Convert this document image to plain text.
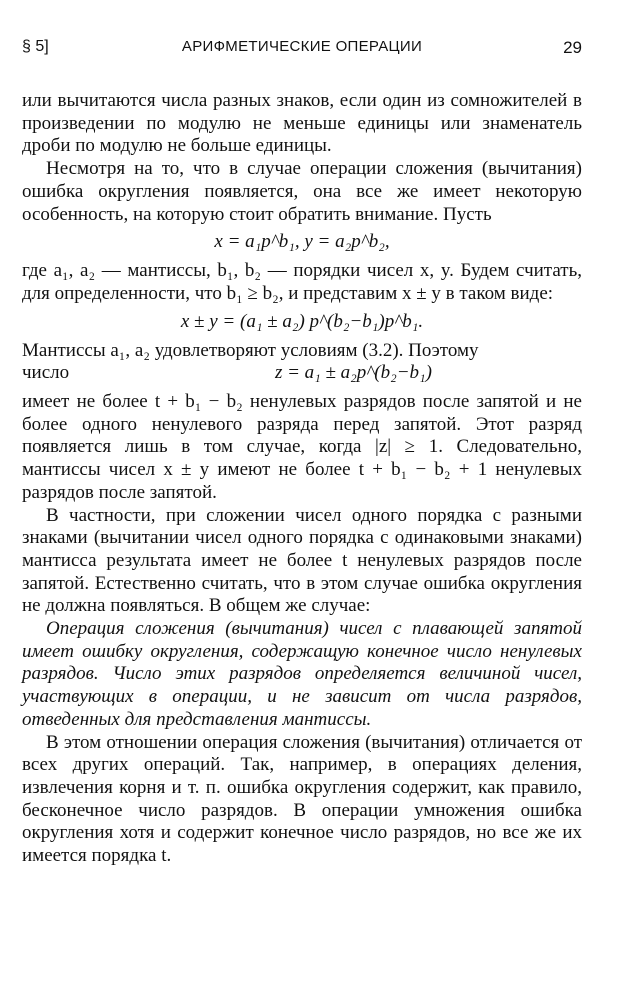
§ 5]	АРИФМЕТИЧЕСКИЕ ОПЕРАЦИИ	29

или вычитаются числа разных знаков, если один из сомножителей в произведении по модулю не меньше единицы или знаменатель дроби по модулю не больше единицы.

Несмотря на то, что в случае операции сложения (вычитания) ошибка округления появляется, она все же имеет некоторую особенность, на которую стоит обратить внимание. Пусть

x = a₁p^b₁, y = a₂p^b₂,

где a₁, a₂ — мантиссы, b₁, b₂ — порядки чисел x, y. Будем считать, для определенности, что b₁ ≥ b₂, и представим x ± y в таком виде:

x ± y = (a₁ ± a₂) p^(b₂−b₁)p^b₁.

Мантиссы a₁, a₂ удовлетворяют условиям (3.2). Поэтому

число	z = a₁ ± a₂p^(b₂−b₁)

имеет не более t + b₁ − b₂ ненулевых разрядов после запятой и не более одного ненулевого разряда перед запятой. Этот разряд появляется лишь в том случае, когда |z| ≥ 1. Следовательно, мантиссы чисел x ± y имеют не более t + b₁ − b₂ + 1 ненулевых разрядов после запятой.

В частности, при сложении чисел одного порядка с разными знаками (вычитании чисел одного порядка с одинаковыми знаками) мантисса результата имеет не более t ненулевых разрядов после запятой. Естественно считать, что в этом случае ошибка округления не должна появляться. В общем же случае:

Операция сложения (вычитания) чисел с плавающей запятой имеет ошибку округления, содержащую конечное число ненулевых разрядов. Число этих разрядов определяется величиной чисел, участвующих в операции, и не зависит от числа разрядов, отведенных для представления мантиссы.

В этом отношении операция сложения (вычитания) отличается от всех других операций. Так, например, в операциях деления, извлечения корня и т. п. ошибка округления содержит, как правило, бесконечное число разрядов. В операции умножения ошибка округления хотя и содержит конечное число разрядов, но все же их имеется порядка t.
